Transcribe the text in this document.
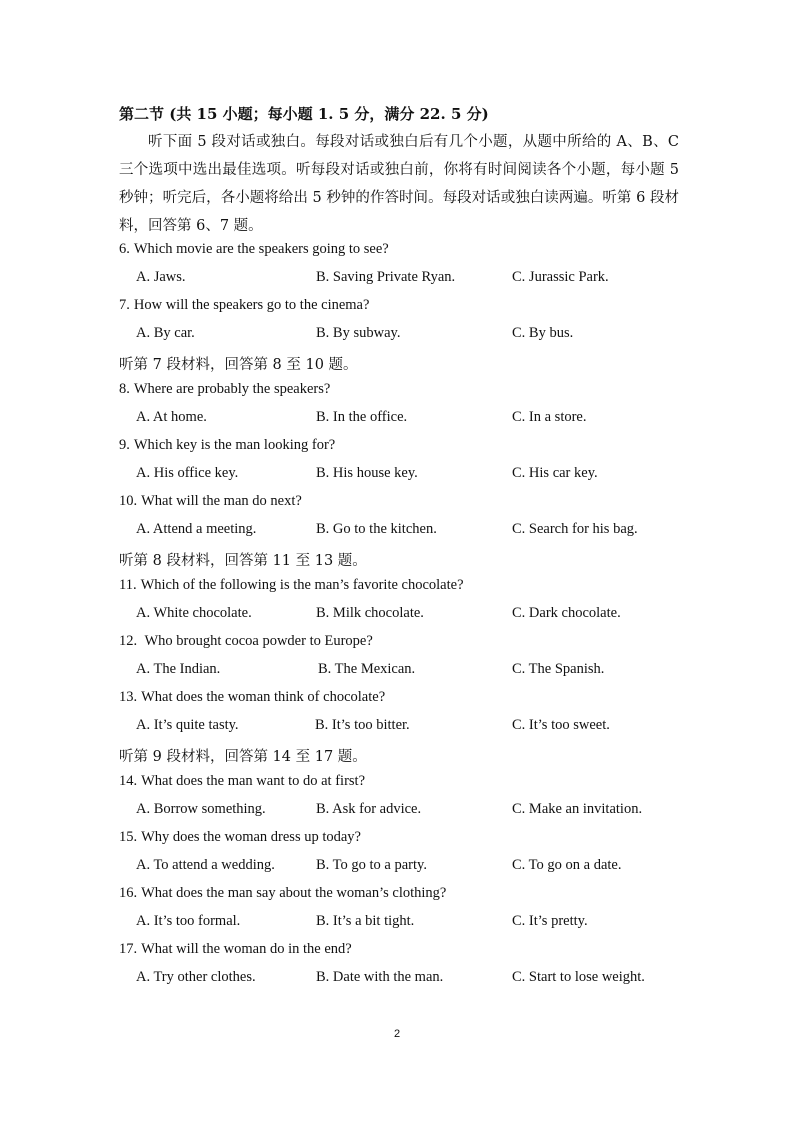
第二节 (共 15 小题；每小题 1. 5 分，满分 22. 5 分)

听下面 5 段对话或独白。每段对话或独白后有几个小题，从题中所给的 A、B、C 三个选项中选出最佳选项。听每段对话或独白前，你将有时间阅读各个小题，每小题 5 秒钟；听完后，各小题将给出 5 秒钟的作答时间。每段对话或独白读两遍。听第 6 段材料，回答第 6、7 题。

6. Which movie are the speakers going to see?
A. Jaws.	B. Saving Private Ryan.	C. Jurassic Park.
7. How will the speakers go to the cinema?
A. By car.	B. By subway.	C. By bus.
听第 7 段材料，回答第 8 至 10 题。
8. Where are probably the speakers?
A. At home.	B. In the office.	C. In a store.
9. Which key is the man looking for?
A. His office key.	B. His house key.	C. His car key.
10. What will the man do next?
A. Attend a meeting.	B. Go to the kitchen.	C. Search for his bag.
听第 8 段材料，回答第 11 至 13 题。
11. Which of the following is the man’s favorite chocolate?
A. White chocolate.	B. Milk chocolate.	C. Dark chocolate.
12. Who brought cocoa powder to Europe?
A. The Indian.	B. The Mexican.	C. The Spanish.
13. What does the woman think of chocolate?
A. It’s quite tasty.	B. It’s too bitter.	C. It’s too sweet.
听第 9 段材料，回答第 14 至 17 题。
14. What does the man want to do at first?
A. Borrow something.	B. Ask for advice.	C. Make an invitation.
15. Why does the woman dress up today?
A. To attend a wedding.	B. To go to a party.	C. To go on a date.
16. What does the man say about the woman’s clothing?
A. It’s too formal.	B. It’s a bit tight.	C. It’s pretty.
17. What will the woman do in the end?
A. Try other clothes.	B. Date with the man.	C. Start to lose weight.
2
